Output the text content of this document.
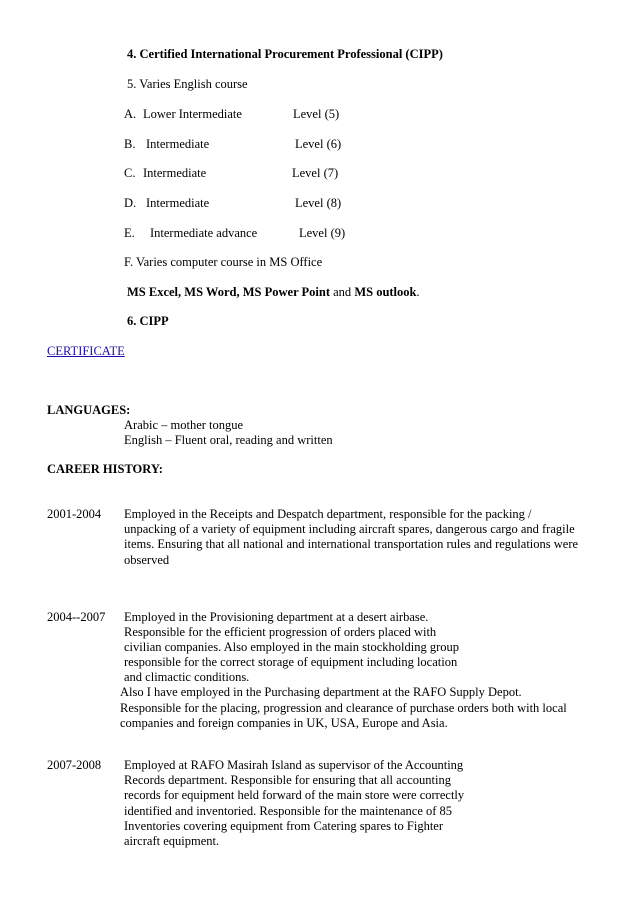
4. Certified International Procurement Professional (CIPP)
5. Varies English course
A. Lower Intermediate	Level (5)
B. Intermediate	Level (6)
C. Intermediate	Level (7)
D. Intermediate	Level (8)
E. Intermediate advance	Level (9)
F. Varies computer course in MS Office
MS Excel, MS Word, MS Power Point and MS outlook.
6. CIPP
CERTIFICATE
LANGUAGES:
Arabic – mother tongue
English – Fluent oral, reading and written
CAREER HISTORY:
2001-2004 Employed in the Receipts and Despatch department, responsible for the packing /
unpacking of a variety of equipment including aircraft spares, dangerous cargo and fragile
items. Ensuring that all national and international transportation rules and regulations were
observed
2004--2007 Employed in the Provisioning department at a desert airbase.
Responsible for the efficient progression of orders placed with
civilian companies. Also employed in the main stockholding group
responsible for the correct storage of equipment including location
and climactic conditions.
Also I have employed in the Purchasing department at the RAFO Supply Depot.
Responsible for the placing, progression and clearance of purchase orders both with local
companies and foreign companies in UK, USA, Europe and Asia.
2007-2008 Employed at RAFO Masirah Island as supervisor of the Accounting
Records department. Responsible for ensuring that all accounting
records for equipment held forward of the main store were correctly
identified and inventoried. Responsible for the maintenance of 85
Inventories covering equipment from Catering spares to Fighter
aircraft equipment.
